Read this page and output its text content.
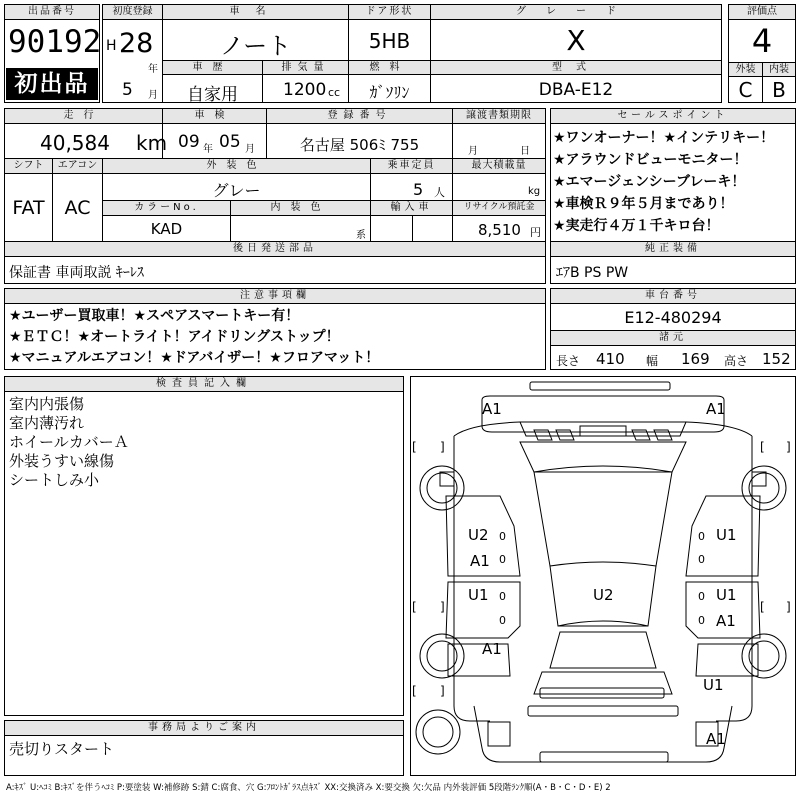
出品番号
90192
初出品
初度登録
H 28
年
5 月
車名
ノート
ドア形状
5HB
グレード
X
車歴
自家用
排気量
1200 cc
燃料
ｶﾞｿﾘﾝ
型式
DBA-E12
評価点
4
外装	内装
C B
走行
40,584 km
車検
09 年 05 月
登録番号
名古屋 506ﾐ 755
譲渡書類期限
月	日
シフト	エアコン
FAT	AC
外装色
グレー
乗車定員
5 人
最大積載量
kg
カラーNo.
KAD
内装色
系
輸入車	リサイクル預託金
8,510 円
後日発送部品
保証書 車両取説 ｷｰﾚｽ
セールスポイント
★ワンオーナー！★インテリキー！
★アラウンドビューモニター！
★エマージェンシーブレーキ！
★車検Ｒ９年５月まであり！
★実走行４万１千キロ台！
純正装備
ｴｱB PS PW
注意事項欄
★ユーザー買取車！★スペアスマートキー有！
★ＥＴＣ！★オートライト！アイドリングストップ！
★マニュアルエアコン！★ドアバイザー！★フロアマット！
車台番号
E12-480294
諸元
長さ 410 幅 169 高さ 152
検査員記入欄
室内内張傷
室内薄汚れ
ホイールカバーＡ
外装うすい線傷
シートしみ小
事務局よりご案内
売切りスタート
A1	A1
U2
A1
U1
U1	U2	U1
A1
A1
U1
A1
0
0
0
0
0
0
0
0
[ ]	[ ]
[ ]	[ ]
[ ]
A:ｷｽﾞ U:ﾍｺﾐ B:ｷｽﾞを伴うﾍｺﾐ P:要塗装 W:補修跡 S:錆 C:腐食、穴 G:ﾌﾛﾝﾄｶﾞﾗｽ点ｷｽﾞ XX:交換済み X:要交換 欠:欠品 内外装評価 5段階ﾗﾝｸ順(A・B・C・D・E) 2
